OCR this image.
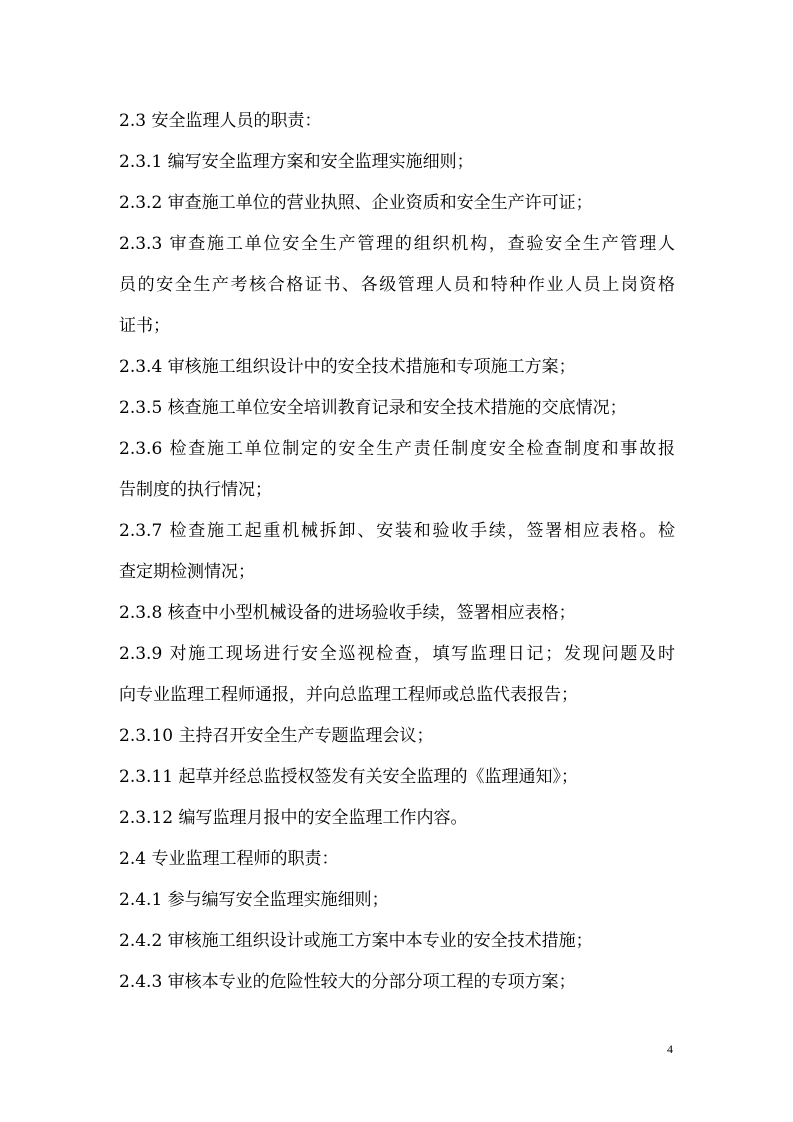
2.3 安全监理人员的职责：
2.3.1 编写安全监理方案和安全监理实施细则；
2.3.2 审查施工单位的营业执照、企业资质和安全生产许可证；
2.3.3 审查施工单位安全生产管理的组织机构，查验安全生产管理人
员的安全生产考核合格证书、各级管理人员和特种作业人员上岗资格
证书；
2.3.4 审核施工组织设计中的安全技术措施和专项施工方案；
2.3.5 核查施工单位安全培训教育记录和安全技术措施的交底情况；
2.3.6 检查施工单位制定的安全生产责任制度安全检查制度和事故报
告制度的执行情况；
2.3.7 检查施工起重机械拆卸、安装和验收手续，签署相应表格。检
查定期检测情况；
2.3.8 核查中小型机械设备的进场验收手续，签署相应表格；
2.3.9 对施工现场进行安全巡视检查，填写监理日记；发现问题及时
向专业监理工程师通报，并向总监理工程师或总监代表报告；
2.3.10 主持召开安全生产专题监理会议；
2.3.11 起草并经总监授权签发有关安全监理的《监理通知》；
2.3.12 编写监理月报中的安全监理工作内容。
2.4 专业监理工程师的职责：
2.4.1 参与编写安全监理实施细则；
2.4.2 审核施工组织设计或施工方案中本专业的安全技术措施；
2.4.3 审核本专业的危险性较大的分部分项工程的专项方案；
4
